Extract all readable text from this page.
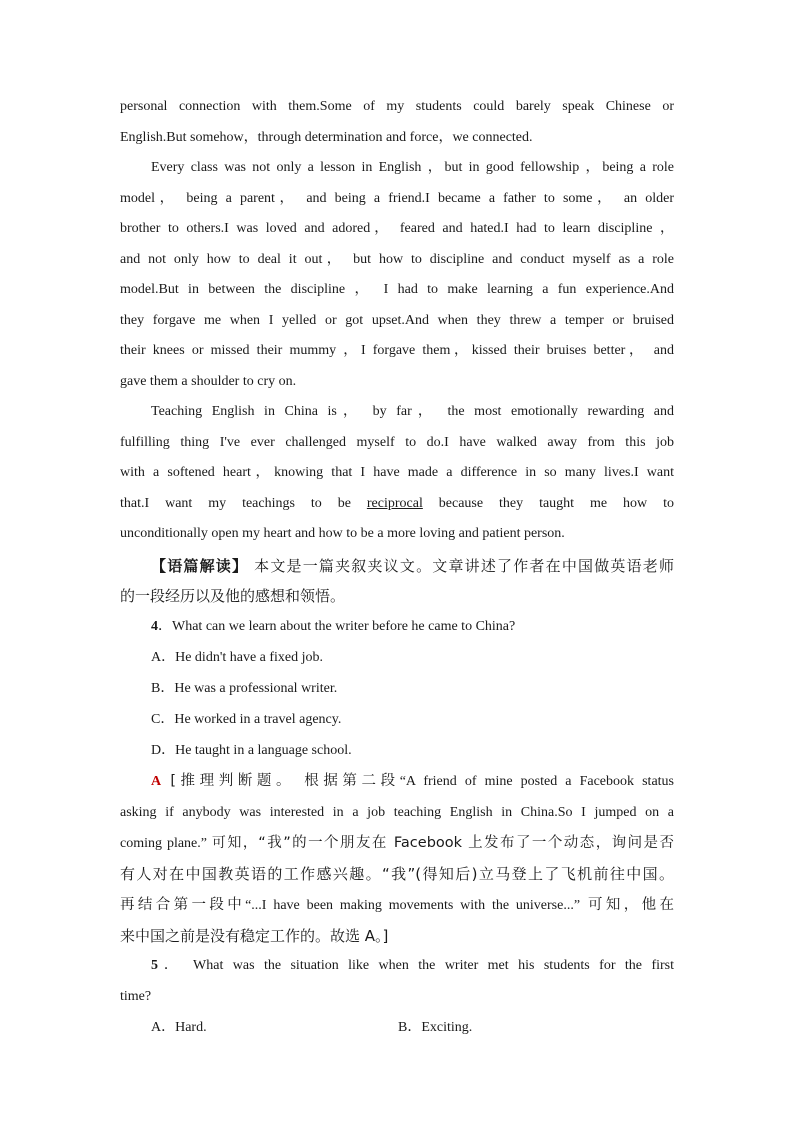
personal connection with them.Some of my students could barely speak Chinese or
English.But somehow，through determination and force，we connected.
Every class was not only a lesson in English ，but in good fellowship ，being a role
model， being a parent， and being a friend.I became a father to some， an older
brother to others.I was loved and adored， feared and hated.I had to learn discipline ，
and not only how to deal it out， but how to discipline and conduct myself as a role
model.But in between the discipline ， I had to make learning a fun experience.And
they forgave me when I yelled or got upset.And when they threw a temper or bruised
their knees or missed their mummy ，I forgave them，kissed their bruises better， and
gave them a shoulder to cry on.
Teaching English in China is， by far， the most emotionally rewarding and
fulfilling thing I've ever challenged myself to do.I have walked away from this job
with a softened heart，knowing that I have made a difference in so many lives.I want
that.I want my teachings to be reciprocal because they taught me how to
unconditionally open my heart and how to be a more loving and patient person.
【语篇解读】 本文是一篇夹叙夹议文。文章讲述了作者在中国做英语老师
的一段经历以及他的感想和领悟。
4．What can we learn about the writer before he came to China?
A．He didn't have a fixed job.
B．He was a professional writer.
C．He worked in a travel agency.
D．He taught in a language school.
A [推理判断题。 根据第二段“A friend of mine posted a Facebook status
asking if anybody was interested in a job teaching English in China.So I jumped on a
coming plane.” 可知，“我”的一个朋友在 Facebook 上发布了一个动态，询问是否
有人对在中国教英语的工作感兴趣。“我”(得知后)立马登上了飞机前往中国。
再结合第一段中“...I have been making movements with the universe...” 可知，他在
来中国之前是没有稳定工作的。故选 A。]
5． What was the situation like when the writer met his students for the first
time?
A．Hard.	B．Exciting.
